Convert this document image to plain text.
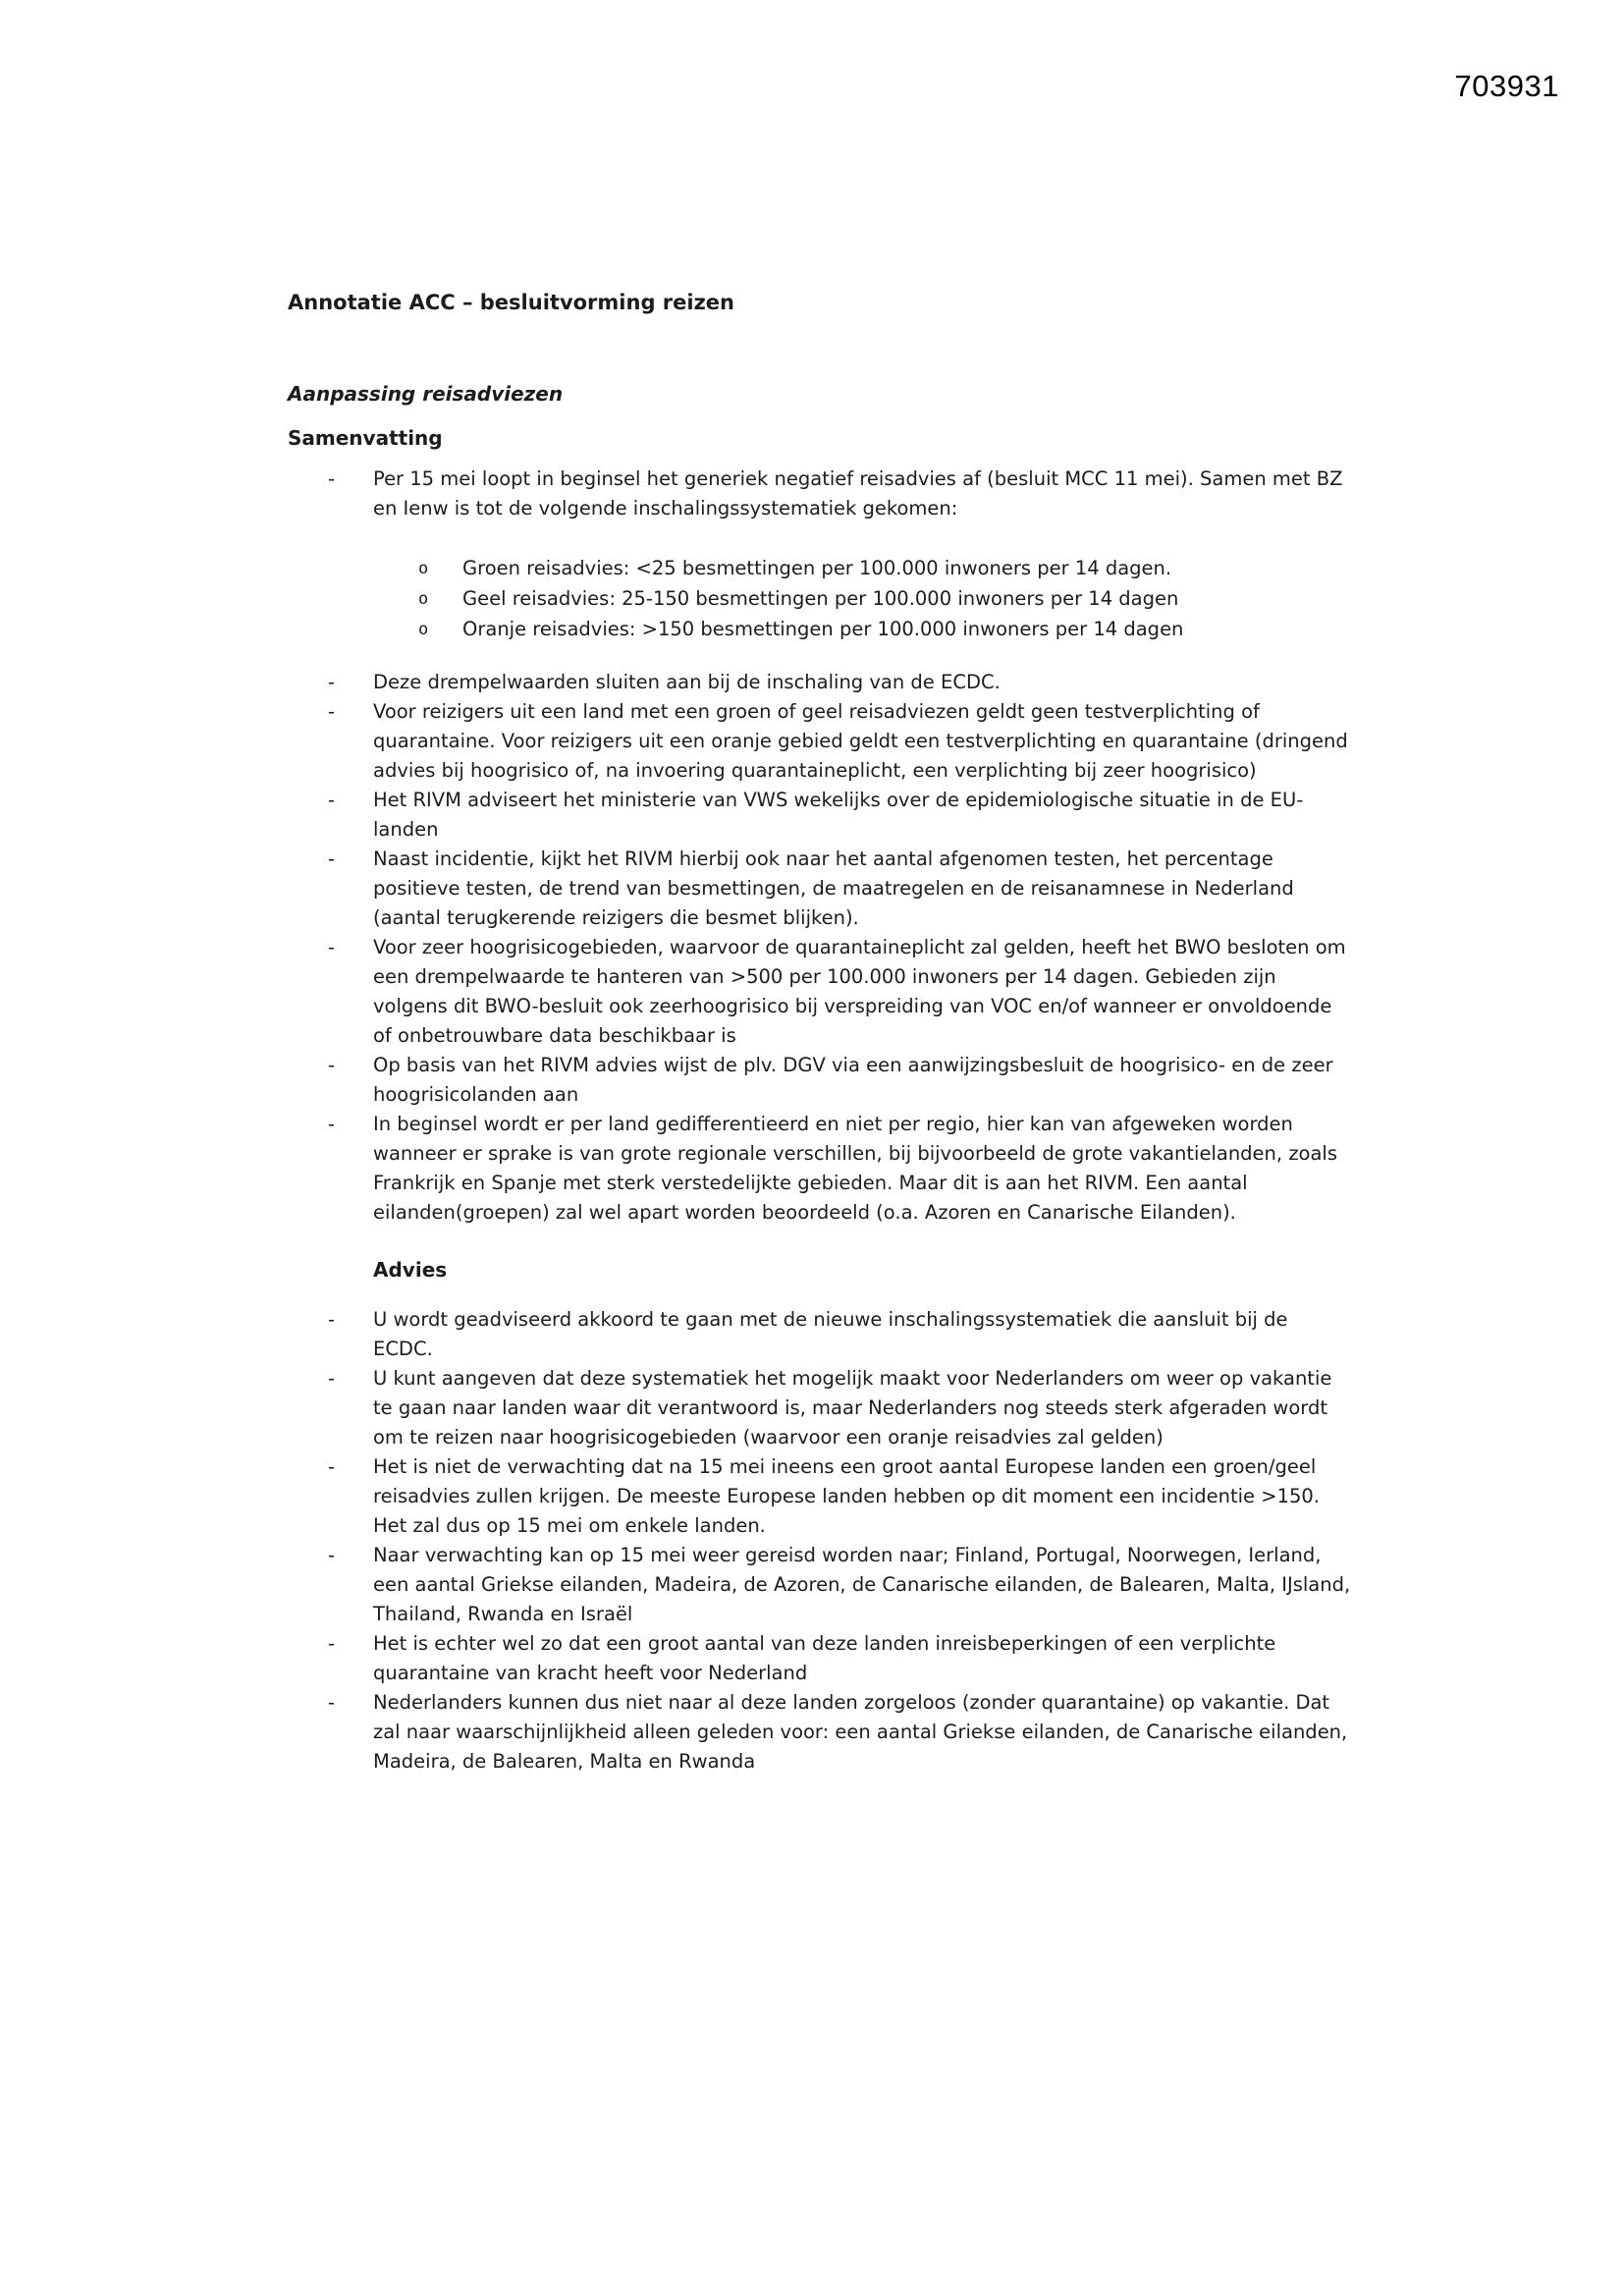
703931
Annotatie ACC – besluitvorming reizen
Aanpassing reisadviezen
Samenvatting
- Per 15 mei loopt in beginsel het generiek negatief reisadvies af (besluit MCC 11 mei). Samen met BZ en Ienw is tot de volgende inschalingssystematiek gekomen:
o Groen reisadvies: <25 besmettingen per 100.000 inwoners per 14 dagen.
o Geel reisadvies: 25-150 besmettingen per 100.000 inwoners per 14 dagen
o Oranje reisadvies: >150 besmettingen per 100.000 inwoners per 14 dagen
- Deze drempelwaarden sluiten aan bij de inschaling van de ECDC.
- Voor reizigers uit een land met een groen of geel reisadviezen geldt geen testverplichting of quarantaine. Voor reizigers uit een oranje gebied geldt een testverplichting en quarantaine (dringend advies bij hoogrisico of, na invoering quarantaineplicht, een verplichting bij zeer hoogrisico)
- Het RIVM adviseert het ministerie van VWS wekelijks over de epidemiologische situatie in de EU-landen
- Naast incidentie, kijkt het RIVM hierbij ook naar het aantal afgenomen testen, het percentage positieve testen, de trend van besmettingen, de maatregelen en de reisanamnese in Nederland (aantal terugkerende reizigers die besmet blijken).
- Voor zeer hoogrisicogebieden, waarvoor de quarantaineplicht zal gelden, heeft het BWO besloten om een drempelwaarde te hanteren van >500 per 100.000 inwoners per 14 dagen. Gebieden zijn volgens dit BWO-besluit ook zeerhoogrisico bij verspreiding van VOC en/of wanneer er onvoldoende of onbetrouwbare data beschikbaar is
- Op basis van het RIVM advies wijst de plv. DGV via een aanwijzingsbesluit de hoogrisico- en de zeer hoogrisicolanden aan
- In beginsel wordt er per land gedifferentieerd en niet per regio, hier kan van afgeweken worden wanneer er sprake is van grote regionale verschillen, bij bijvoorbeeld de grote vakantielanden, zoals Frankrijk en Spanje met sterk verstedelijkte gebieden. Maar dit is aan het RIVM. Een aantal eilanden(groepen) zal wel apart worden beoordeeld (o.a. Azoren en Canarische Eilanden).
Advies
- U wordt geadviseerd akkoord te gaan met de nieuwe inschalingssystematiek die aansluit bij de ECDC.
- U kunt aangeven dat deze systematiek het mogelijk maakt voor Nederlanders om weer op vakantie te gaan naar landen waar dit verantwoord is, maar Nederlanders nog steeds sterk afgeraden wordt om te reizen naar hoogrisicogebieden (waarvoor een oranje reisadvies zal gelden)
- Het is niet de verwachting dat na 15 mei ineens een groot aantal Europese landen een groen/geel reisadvies zullen krijgen. De meeste Europese landen hebben op dit moment een incidentie >150. Het zal dus op 15 mei om enkele landen.
- Naar verwachting kan op 15 mei weer gereisd worden naar; Finland, Portugal, Noorwegen, Ierland, een aantal Griekse eilanden, Madeira, de Azoren, de Canarische eilanden, de Balearen, Malta, IJsland, Thailand, Rwanda en Israël
- Het is echter wel zo dat een groot aantal van deze landen inreisbeperkingen of een verplichte quarantaine van kracht heeft voor Nederland
- Nederlanders kunnen dus niet naar al deze landen zorgeloos (zonder quarantaine) op vakantie. Dat zal naar waarschijnlijkheid alleen geleden voor: een aantal Griekse eilanden, de Canarische eilanden, Madeira, de Balearen, Malta en Rwanda
